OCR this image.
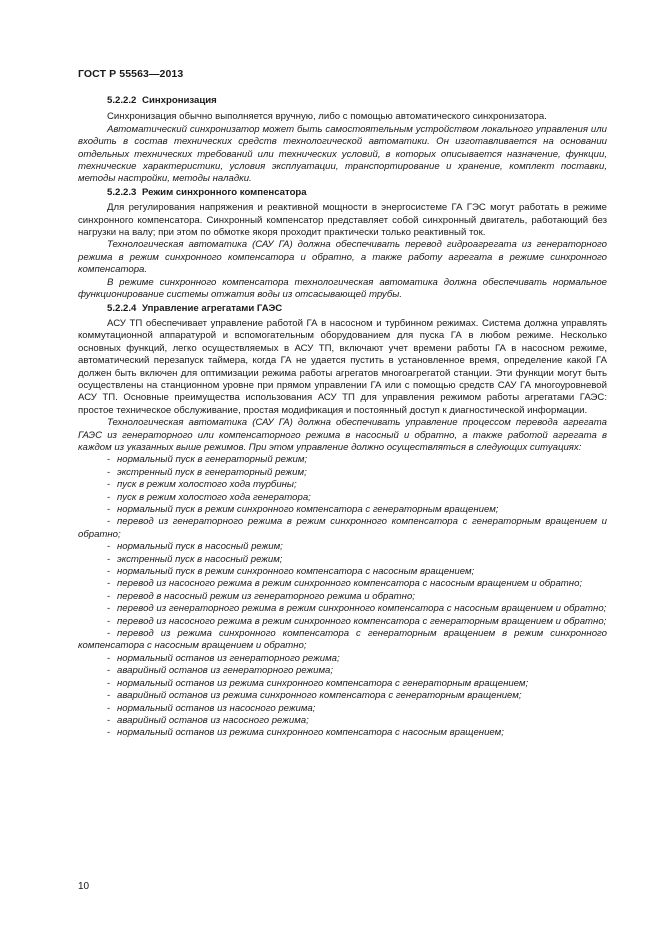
ГОСТ Р 55563—2013
5.2.2.2 Синхронизация

Синхронизация обычно выполняется вручную, либо с помощью автоматического синхронизатора.

Автоматический синхронизатор может быть самостоятельным устройством локального управления или входить в состав технических средств технологической автоматики. Он изготавливается на основании отдельных технических требований или технических условий, в которых описывается назначение, функции, технические характеристики, условия эксплуатации, транспортирование и хранение, комплект поставки, методы настройки, методы наладки.

5.2.2.3 Режим синхронного компенсатора

Для регулирования напряжения и реактивной мощности в энергосистеме ГА ГЭС могут работать в режиме синхронного компенсатора. Синхронный компенсатор представляет собой синхронный двигатель, работающий без нагрузки на валу; при этом по обмотке якоря проходит практически только реактивный ток.

Технологическая автоматика (САУ ГА) должна обеспечивать перевод гидроагрегата из генераторного режима в режим синхронного компенсатора и обратно, а также работу агрегата в режиме синхронного компенсатора.

В режиме синхронного компенсатора технологическая автоматика должна обеспечивать нормальное функционирование системы отжатия воды из отсасывающей трубы.

5.2.2.4 Управление агрегатами ГАЭС

АСУ ТП обеспечивает управление работой ГА в насосном и турбинном режимах. Система должна управлять коммутационной аппаратурой и вспомогательным оборудованием для пуска ГА в любом режиме. Несколько основных функций, легко осуществляемых в АСУ ТП, включают учет времени работы ГА в насосном режиме, автоматический перезапуск таймера, когда ГА не удается пустить в установленное время, определение какой ГА должен быть включен для оптимизации режима работы агрегатов многоагрегатой станции. Эти функции могут быть осуществлены на станционном уровне при прямом управлении ГА или с помощью средств САУ ГА многоуровневой АСУ ТП. Основные преимущества использования АСУ ТП для управления режимом работы агрегатами ГАЭС: простое техническое обслуживание, простая модификация и постоянный доступ к диагностической информации.

Технологическая автоматика (САУ ГА) должна обеспечивать управление процессом перевода агрегата ГАЭС из генераторного или компенсаторного режима в насосный и обратно, а также работой агрегата в каждом из указанных выше режимов. При этом управление должно осуществляться в следующих ситуациях:

- нормальный пуск в генераторный режим;
- экстренный пуск в генераторный режим;
- пуск в режим холостого хода турбины;
- пуск в режим холостого хода генератора;
- нормальный пуск в режим синхронного компенсатора с генераторным вращением;
- перевод из генераторного режима в режим синхронного компенсатора с генераторным вращением и обратно;
- нормальный пуск в насосный режим;
- экстренный пуск в насосный режим;
- нормальный пуск в режим синхронного компенсатора с насосным вращением;
- перевод из насосного режима в режим синхронного компенсатора с насосным вращением и обратно;
- перевод в насосный режим из генераторного режима и обратно;
- перевод из генераторного режима в режим синхронного компенсатора с насосным вращением и обратно;
- перевод из насосного режима в режим синхронного компенсатора с генераторным вращением и обратно;
- перевод из режима синхронного компенсатора с генераторным вращением в режим синхронного компенсатора с насосным вращением и обратно;
- нормальный останов из генераторного режима;
- аварийный останов из генераторного режима;
- нормальный останов из режима синхронного компенсатора с генераторным вращением;
- аварийный останов из режима синхронного компенсатора с генераторным вращением;
- нормальный останов из насосного режима;
- аварийный останов из насосного режима;
- нормальный останов из режима синхронного компенсатора с насосным вращением;
10
